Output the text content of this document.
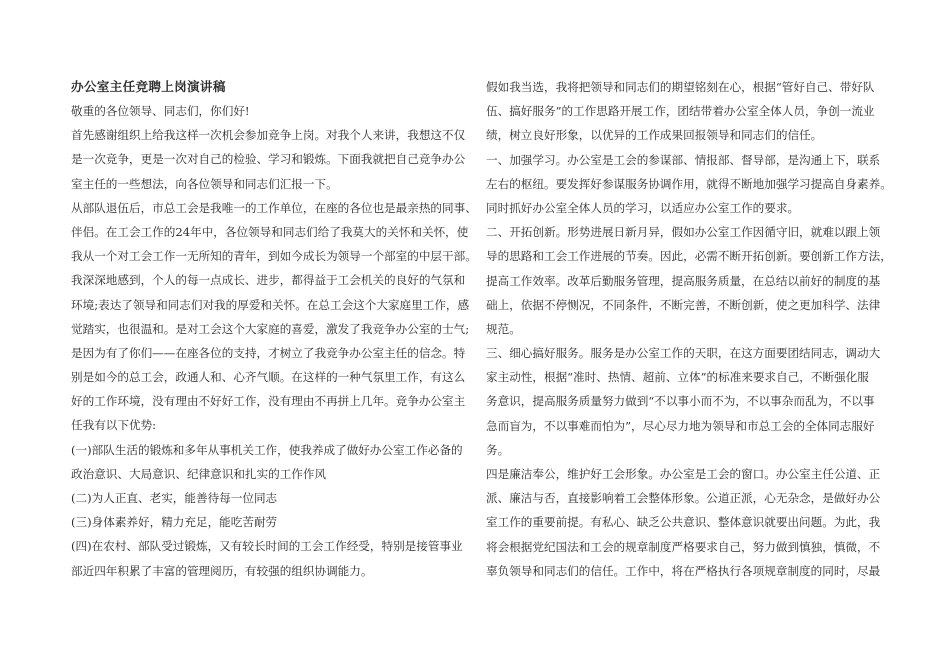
办公室主任竞聘上岗演讲稿
敬重的各位领导、同志们，你们好!
首先感谢组织上给我这样一次机会参加竞争上岗。对我个人来讲，我想这不仅
是一次竞争，更是一次对自己的检验、学习和锻炼。下面我就把自己竞争办公
室主任的一些想法，向各位领导和同志们汇报一下。
从部队退伍后，市总工会是我唯一的工作单位，在座的各位也是最亲热的同事、
伴侣。在工会工作的24年中，各位领导和同志们给了我莫大的关怀和关怀，使
我从一个对工会工作一无所知的青年，到如今成长为领导一个部室的中层干部。
我深深地感到，个人的每一点成长、进步，都得益于工会机关的良好的气氛和
环境;表达了领导和同志们对我的厚爱和关怀。在总工会这个大家庭里工作，感
觉踏实，也很温和。是对工会这个大家庭的喜爱，激发了我竞争办公室的士气;
是因为有了你们——在座各位的支持，才树立了我竞争办公室主任的信念。特
别是如今的总工会，政通人和、心齐气顺。在这样的一种气氛里工作，有这么
好的工作环境，没有理由不好好工作，没有理由不再拼上几年。竞争办公室主
任我有以下优势:
(一)部队生活的锻炼和多年从事机关工作，使我养成了做好办公室工作必备的
政治意识、大局意识、纪律意识和扎实的工作作风
(二)为人正直、老实，能善待每一位同志
(三)身体素养好，精力充足，能吃苦耐劳
(四)在农村、部队受过锻炼，又有较长时间的工会工作经受，特别是接管事业
部近四年积累了丰富的管理阅历，有较强的组织协调能力。
假如我当选，我将把领导和同志们的期望铭刻在心，根据“管好自己、带好队
伍、搞好服务”的工作思路开展工作，团结带着办公室全体人员，争创一流业
绩，树立良好形象，以优异的工作成果回报领导和同志们的信任。
一、加强学习。办公室是工会的参谋部、情报部、督导部，是沟通上下，联系
左右的枢纽。要发挥好参谋服务协调作用，就得不断地加强学习提高自身素养。
同时抓好办公室全体人员的学习，以适应办公室工作的要求。
二、开拓创新。形势进展日新月异，假如办公室工作因循守旧，就难以跟上领
导的思路和工会工作进展的节奏。因此，必需不断开拓创新。要创新工作方法，
提高工作效率。改革后勤服务管理，提高服务质量，在总结以前好的制度的基
础上，依据不停恻况，不同条件，不断完善，不断创新，使之更加科学、法律
规范。
三、细心搞好服务。服务是办公室工作的天职，在这方面要团结同志，调动大
家主动性，根据“准时、热情、超前、立体”的标准来要求自己，不断强化服
务意识，提高服务质量努力做到“不以事小而不为，不以事杂而乱为，不以事
急而盲为，不以事难而怕为”，尽心尽力地为领导和市总工会的全体同志服好
务。
四是廉洁奉公，维护好工会形象。办公室是工会的窗口。办公室主任公道、正
派、廉洁与否，直接影响着工会整体形象。公道正派，心无杂念，是做好办公
室工作的重要前提。有私心、缺乏公共意识、整体意识就要出问题。为此，我
将会根据党纪国法和工会的规章制度严格要求自己，努力做到慎独，慎微，不
辜负领导和同志们的信任。工作中，将在严格执行各项规章制度的同时，尽最
